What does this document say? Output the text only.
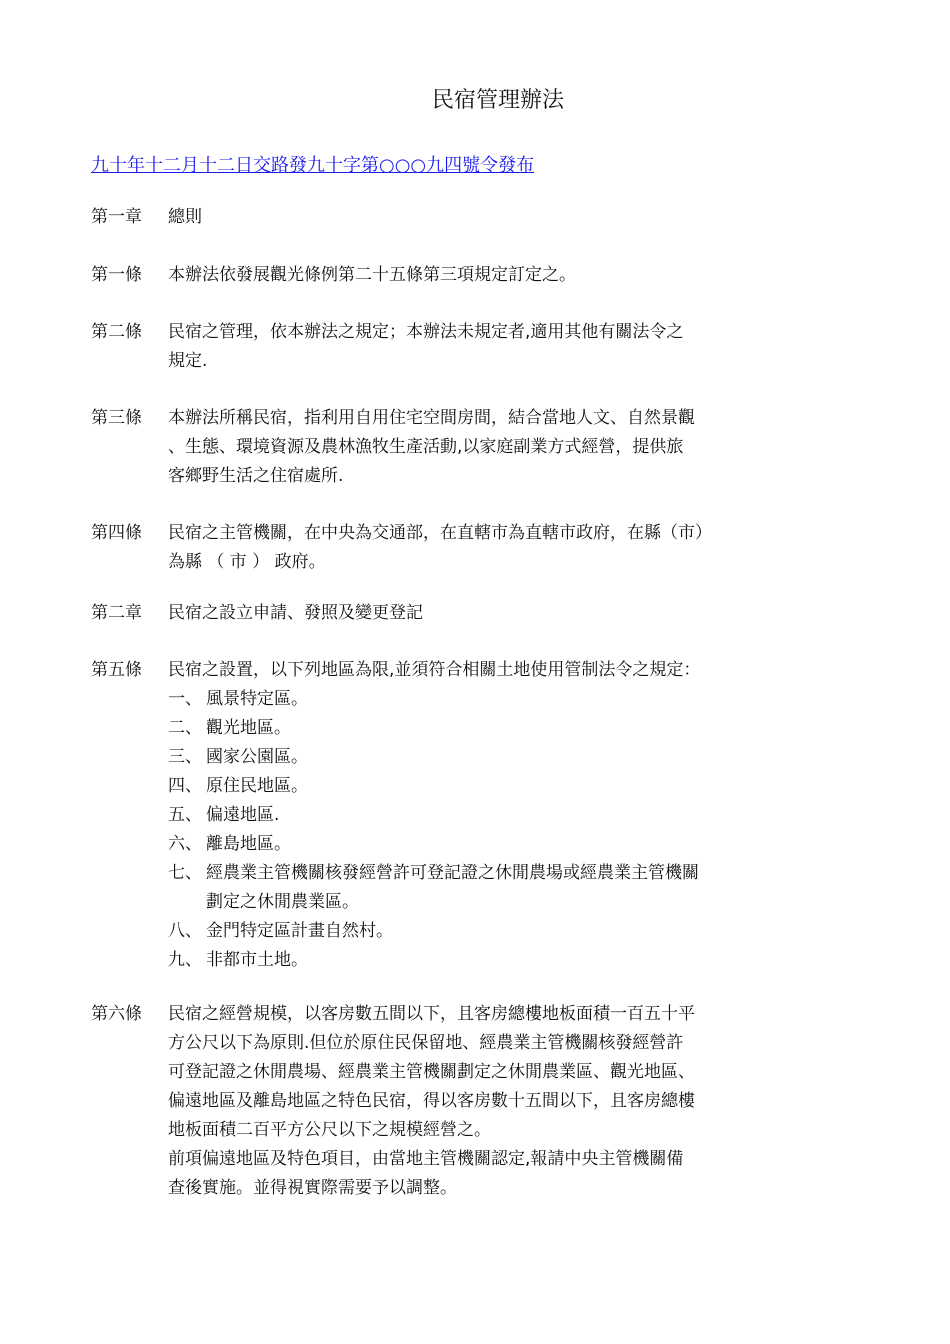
民宿管理辦法
九十年十二月十二日交路發九十字第○○○九四號令發布
第一章	總則
第一條	本辦法依發展觀光條例第二十五條第三項規定訂定之。
第二條	民宿之管理，依本辦法之規定；本辦法未規定者,適用其他有關法令之
規定.
第三條	本辦法所稱民宿，指利用自用住宅空間房間，結合當地人文、自然景觀
、生態、環境資源及農林漁牧生產活動,以家庭副業方式經營，提供旅
客鄉野生活之住宿處所.
第四條	民宿之主管機關，在中央為交通部，在直轄市為直轄市政府，在縣（市）
為縣 （ 市 ） 政府。
第二章	民宿之設立申請、發照及變更登記
第五條	民宿之設置，以下列地區為限,並須符合相關土地使用管制法令之規定：
一、 風景特定區。
二、 觀光地區。
三、 國家公園區。
四、 原住民地區。
五、 偏遠地區.
六、 離島地區。
七、 經農業主管機關核發經營許可登記證之休閒農場或經農業主管機關
劃定之休閒農業區。
八、 金門特定區計畫自然村。
九、 非都市土地。
第六條	民宿之經營規模，以客房數五間以下，且客房總樓地板面積一百五十平
方公尺以下為原則.但位於原住民保留地、經農業主管機關核發經營許
可登記證之休閒農場、經農業主管機關劃定之休閒農業區、觀光地區、
偏遠地區及離島地區之特色民宿，得以客房數十五間以下，且客房總樓
地板面積二百平方公尺以下之規模經營之。
前項偏遠地區及特色項目，由當地主管機關認定,報請中央主管機關備
查後實施。並得視實際需要予以調整。
